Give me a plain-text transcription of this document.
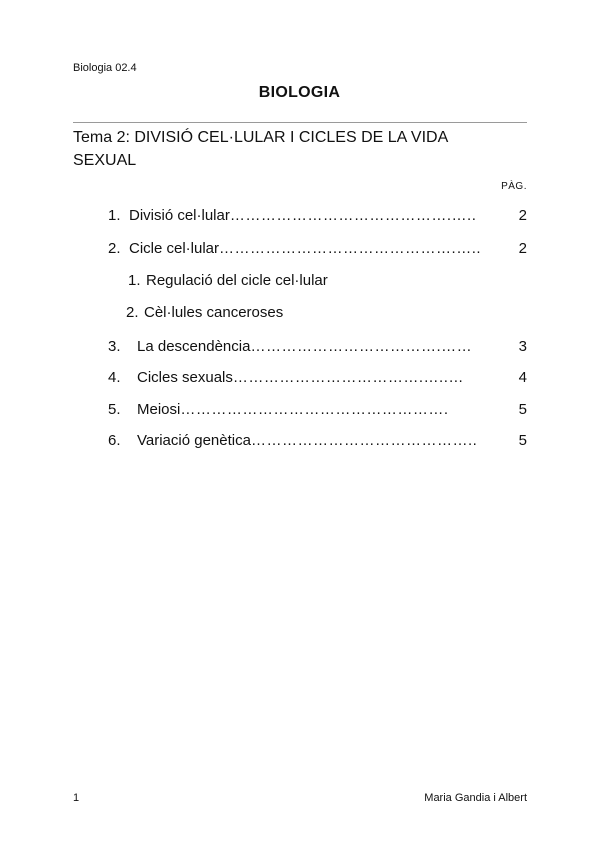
Biologia 02.4
BIOLOGIA
Tema 2: DIVISIÓ CEL·LULAR I CICLES DE LA VIDA SEXUAL
PÀG.
1. Divisió cel·lular …………………………………….…..	2
2. Cicle cel·lular ……………………………………….…..	2
1. Regulació del cicle cel·lular
2. Cèl·lules canceroses
3.	La descendència ……………………………….……	3
4.	Cicles sexuals ……………………………….…..…	4
5.	Meiosi …………………………………………….	5
6.	Variació genètica ……………………………………..	5
1	Maria Gandia i Albert
